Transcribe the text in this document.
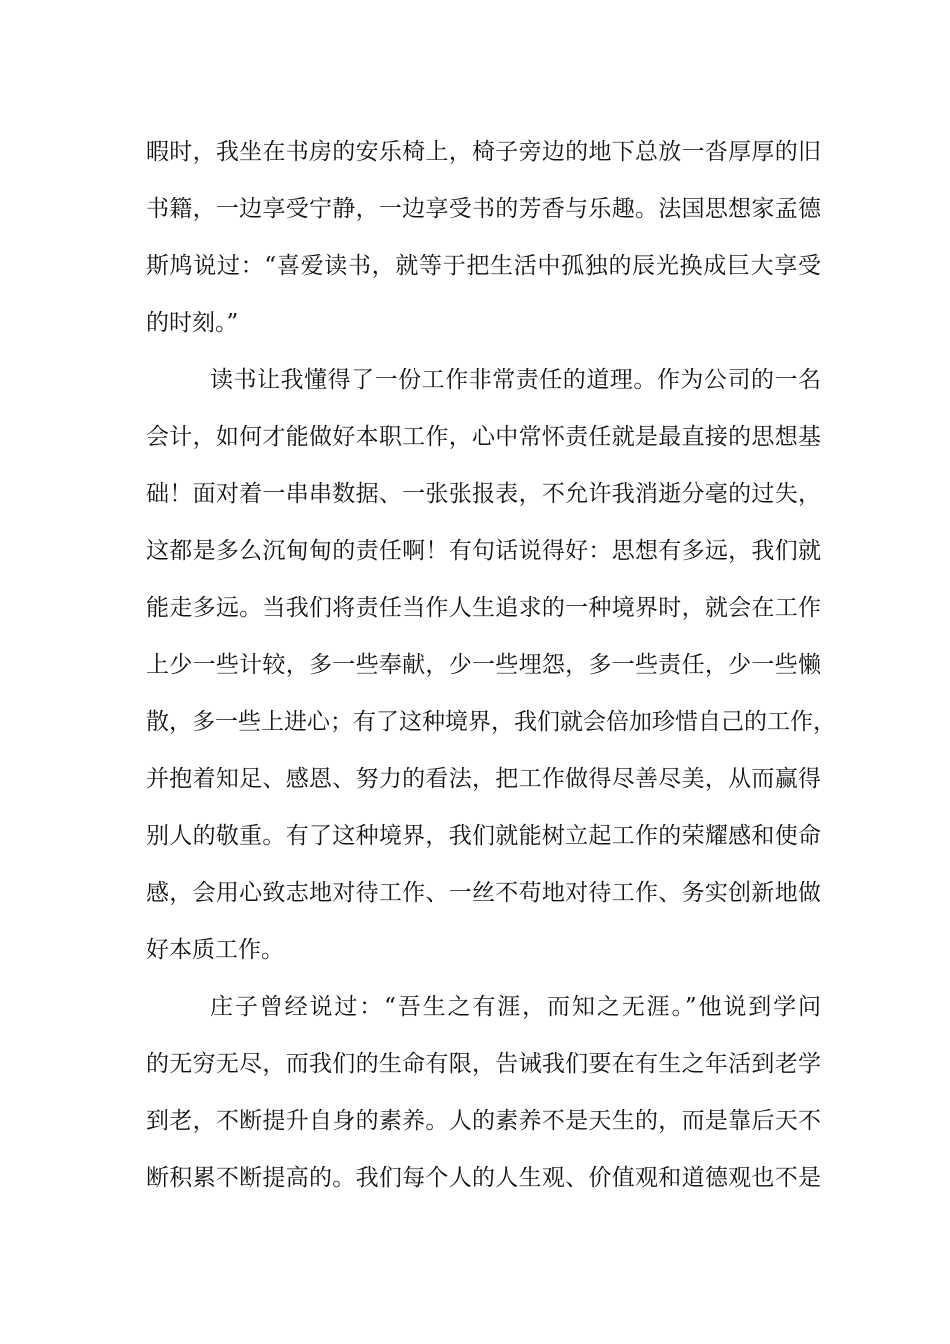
暇时，我坐在书房的安乐椅上，椅子旁边的地下总放一沓厚厚的旧
书籍，一边享受宁静，一边享受书的芳香与乐趣。法国思想家孟德
斯鸠说过：“喜爱读书，就等于把生活中孤独的辰光换成巨大享受
的时刻。”
读书让我懂得了一份工作非常责任的道理。作为公司的一名
会计，如何才能做好本职工作，心中常怀责任就是最直接的思想基
础！面对着一串串数据、一张张报表，不允许我消逝分毫的过失，
这都是多么沉甸甸的责任啊！有句话说得好：思想有多远，我们就
能走多远。当我们将责任当作人生追求的一种境界时，就会在工作
上少一些计较，多一些奉献，少一些埋怨，多一些责任，少一些懒
散，多一些上进心；有了这种境界，我们就会倍加珍惜自己的工作，
并抱着知足、感恩、努力的看法，把工作做得尽善尽美，从而赢得
别人的敬重。有了这种境界，我们就能树立起工作的荣耀感和使命
感，会用心致志地对待工作、一丝不苟地对待工作、务实创新地做
好本质工作。
庄子曾经说过：“吾生之有涯，而知之无涯。”他说到学问
的无穷无尽，而我们的生命有限，告诫我们要在有生之年活到老学
到老，不断提升自身的素养。人的素养不是天生的，而是靠后天不
断积累不断提高的。我们每个人的人生观、价值观和道德观也不是
